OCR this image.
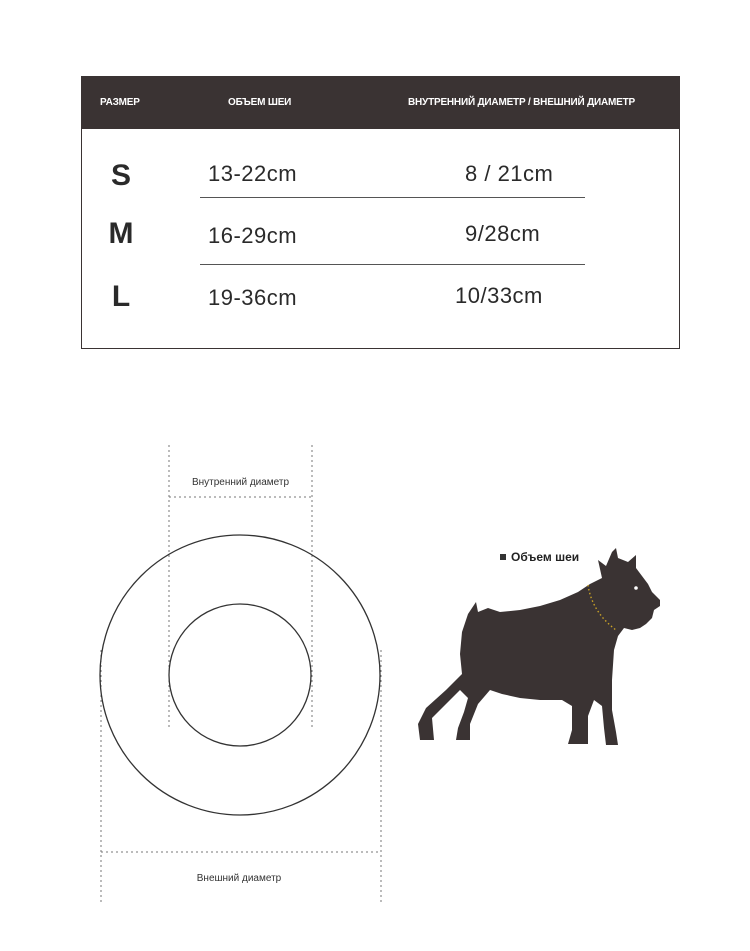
РАЗМЕР	ОБЪЕМ ШЕИ	ВНУТРЕННИЙ ДИАМЕТР / ВНЕШНИЙ ДИАМЕТР
S	13-22cm	8 / 21cm
M	16-29cm	9/28cm
L	19-36cm	10/33cm
Внутренний диаметр
Внешний диаметр
Объем шеи
